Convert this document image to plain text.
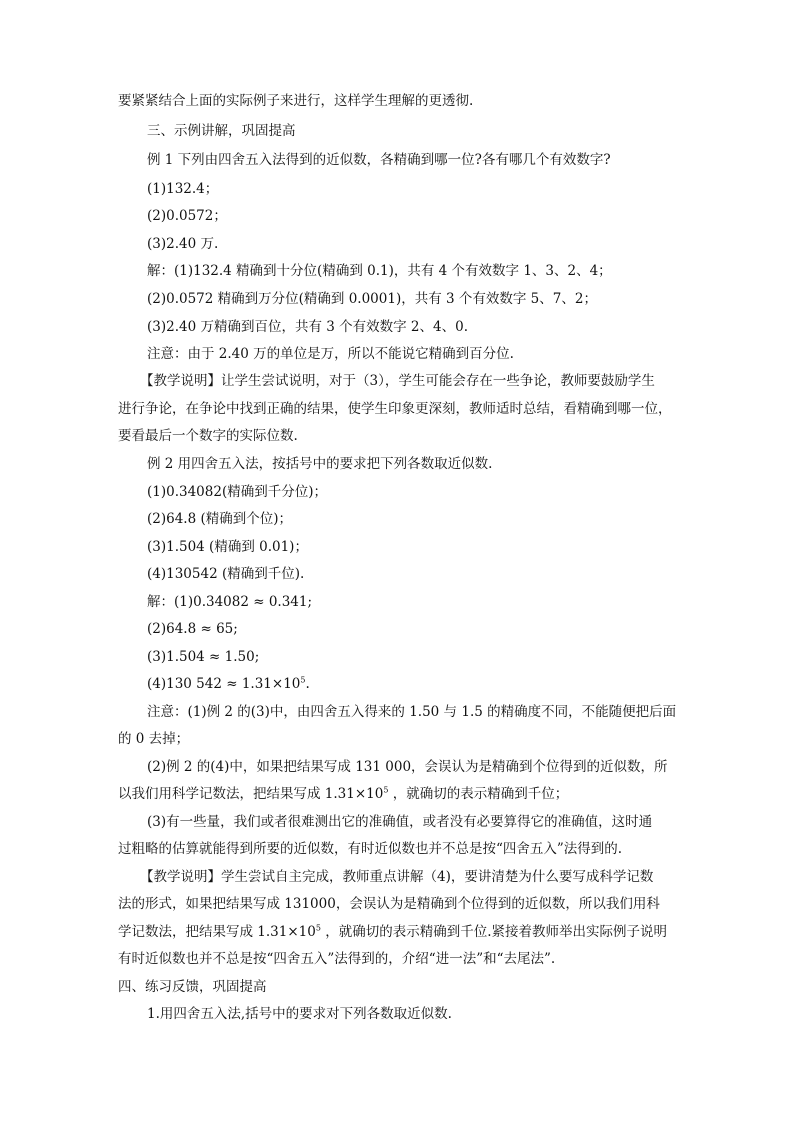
要紧紧结合上面的实际例子来进行，这样学生理解的更透彻.
三、示例讲解，巩固提高
例 1 下列由四舍五入法得到的近似数，各精确到哪一位?各有哪几个有效数字?
(1)132.4；
(2)0.0572；
(3)2.40 万.
解：(1)132.4 精确到十分位(精确到 0.1)，共有 4 个有效数字 1、3、2、4；
(2)0.0572 精确到万分位(精确到 0.0001)，共有 3 个有效数字 5、7、2；
(3)2.40 万精确到百位，共有 3 个有效数字 2、4、0.
注意：由于 2.40 万的单位是万，所以不能说它精确到百分位.
【教学说明】让学生尝试说明，对于（3），学生可能会存在一些争论，教师要鼓励学生
进行争论，在争论中找到正确的结果，使学生印象更深刻，教师适时总结，看精确到哪一位，
要看最后一个数字的实际位数.
例 2 用四舍五入法，按括号中的要求把下列各数取近似数.
(1)0.34082(精确到千分位)；
(2)64.8 (精确到个位)；
(3)1.504 (精确到 0.01)；
(4)130542 (精确到千位).
解：(1)0.34082 ≈ 0.341;
(2)64.8 ≈ 65;
(3)1.504 ≈ 1.50;
(4)130 $542 \approx 1.31\times 10^5$.
注意：(1)例 2 的(3)中，由四舍五入得来的 1.50 与 1.5 的精确度不同，不能随便把后面
的 0 去掉；
(2)例 2 的(4)中，如果把结果写成 131 000，会误认为是精确到个位得到的近似数，所
以我们用科学记数法，把结果写成 $1.31\times 10^5$ ，就确切的表示精确到千位；
(3)有一些量，我们或者很难测出它的准确值，或者没有必要算得它的准确值，这时通
过粗略的估算就能得到所要的近似数，有时近似数也并不总是按“四舍五入”法得到的.
【教学说明】学生尝试自主完成，教师重点讲解（4)，要讲清楚为什么要写成科学记数
法的形式，如果把结果写成 131000，会误认为是精确到个位得到的近似数，所以我们用科
学记数法，把结果写成 $1.31\times 10^5$ ，就确切的表示精确到千位.紧接着教师举出实际例子说明
有时近似数也并不总是按“四舍五入”法得到的，介绍“进一法”和“去尾法”.
四、练习反馈，巩固提高
1.用四舍五入法,括号中的要求对下列各数取近似数.
